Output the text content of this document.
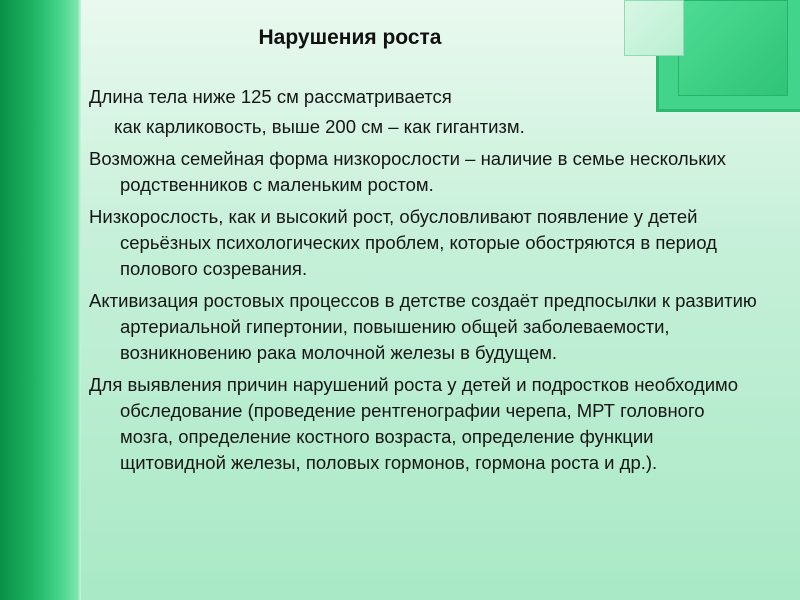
Нарушения роста

Длина тела ниже 125 см рассматривается

как карликовость, выше 200 см – как гигантизм.

Возможна семейная форма низкорослости – наличие в семье нескольких родственников с маленьким ростом.

Низкорослость, как и высокий рост, обусловливают появление у детей серьёзных психологических проблем, которые обостряются в период полового созревания.

Активизация ростовых процессов в детстве создаёт предпосылки к развитию артериальной гипертонии, повышению общей заболеваемости, возникновению рака молочной железы в будущем.

Для выявления причин нарушений роста у детей и подростков необходимо обследование (проведение рентгенографии черепа, МРТ головного мозга, определение костного возраста, определение функции щитовидной железы, половых гормонов, гормона роста и др.).
